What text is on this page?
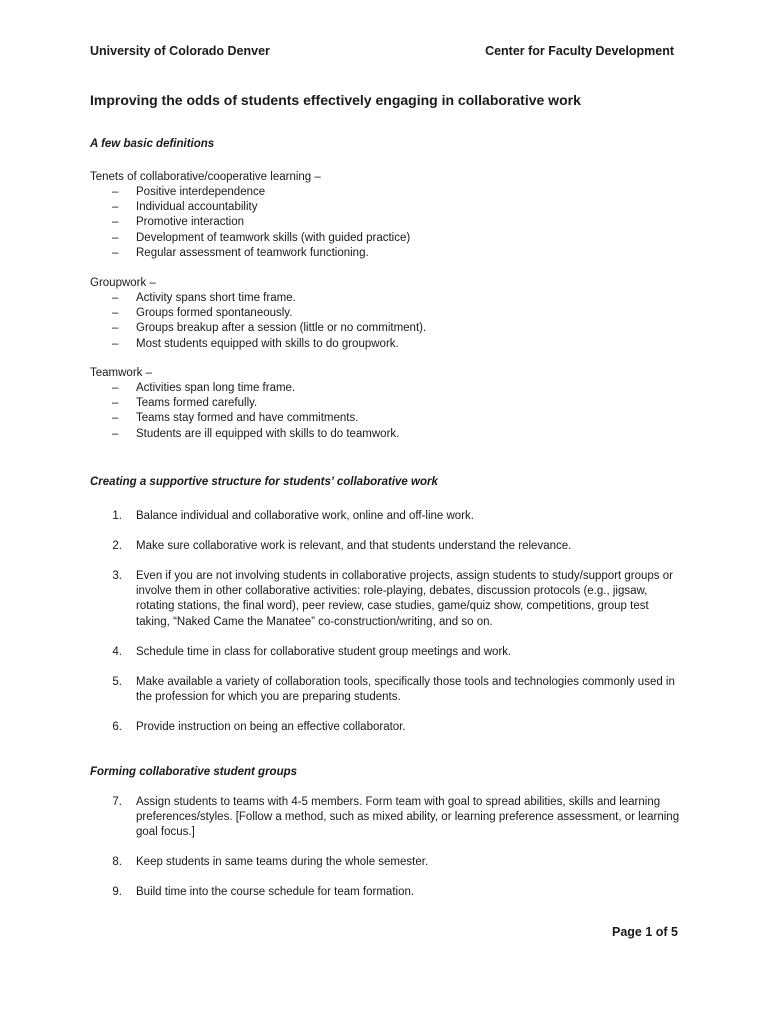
University of Colorado Denver	Center for Faculty Development
Improving the odds of students effectively engaging in collaborative work
A few basic definitions
Tenets of collaborative/cooperative learning –
– Positive interdependence
– Individual accountability
– Promotive interaction
– Development of teamwork skills (with guided practice)
– Regular assessment of teamwork functioning.
Groupwork –
– Activity spans short time frame.
– Groups formed spontaneously.
– Groups breakup after a session (little or no commitment).
– Most students equipped with skills to do groupwork.
Teamwork –
– Activities span long time frame.
– Teams formed carefully.
– Teams stay formed and have commitments.
– Students are ill equipped with skills to do teamwork.
Creating a supportive structure for students’ collaborative work
1. Balance individual and collaborative work, online and off-line work.
2. Make sure collaborative work is relevant, and that students understand the relevance.
3. Even if you are not involving students in collaborative projects, assign students to study/support groups or involve them in other collaborative activities: role-playing, debates, discussion protocols (e.g., jigsaw, rotating stations, the final word), peer review, case studies, game/quiz show, competitions, group test taking, “Naked Came the Manatee” co-construction/writing, and so on.
4. Schedule time in class for collaborative student group meetings and work.
5. Make available a variety of collaboration tools, specifically those tools and technologies commonly used in the profession for which you are preparing students.
6. Provide instruction on being an effective collaborator.
Forming collaborative student groups
7. Assign students to teams with 4-5 members. Form team with goal to spread abilities, skills and learning preferences/styles. [Follow a method, such as mixed ability, or learning preference assessment, or learning goal focus.]
8. Keep students in same teams during the whole semester.
9. Build time into the course schedule for team formation.
Page 1 of 5
